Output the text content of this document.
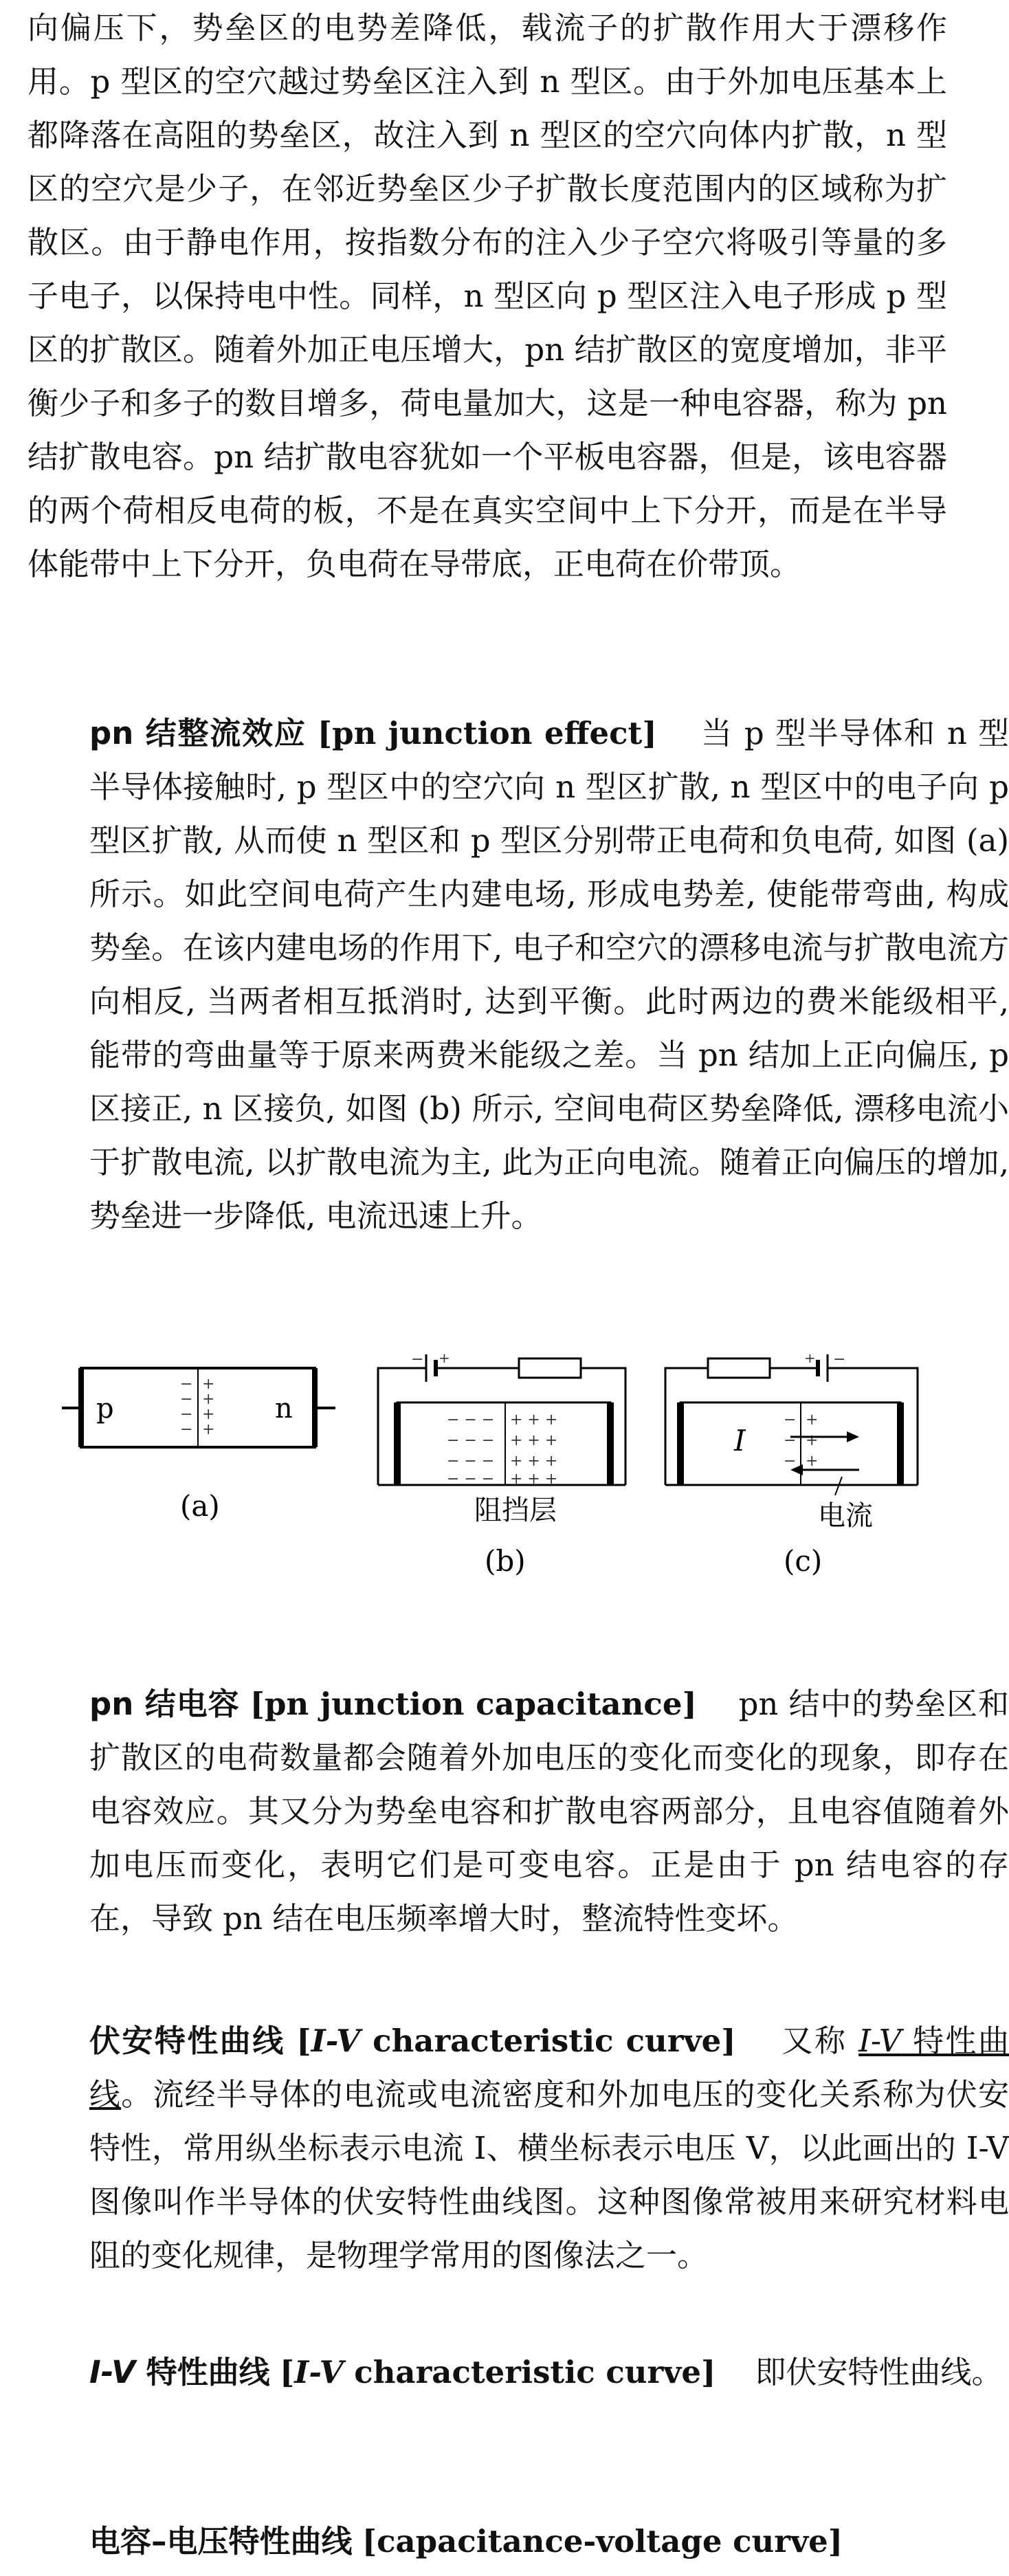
向偏压下，势垒区的电势差降低，载流子的扩散作用大于漂移作用。p 型区的空穴越过势垒区注入到 n 型区。由于外加电压基本上都降落在高阻的势垒区，故注入到 n 型区的空穴向体内扩散，n 型区的空穴是少子，在邻近势垒区少子扩散长度范围内的区域称为扩散区。由于静电作用，按指数分布的注入少子空穴将吸引等量的多子电子，以保持电中性。同样，n 型区向 p 型区注入电子形成 p 型区的扩散区。随着外加正电压增大，pn 结扩散区的宽度增加，非平衡少子和多子的数目增多，荷电量加大，这是一种电容器，称为 pn 结扩散电容。pn 结扩散电容犹如一个平板电容器，但是，该电容器的两个荷相反电荷的板，不是在真实空间中上下分开，而是在半导体能带中上下分开，负电荷在导带底，正电荷在价带顶。

pn 结整流效应 [pn junction effect] 当 p 型半导体和 n 型半导体接触时, p 型区中的空穴向 n 型区扩散, n 型区中的电子向 p 型区扩散, 从而使 n 型区和 p 型区分别带正电荷和负电荷, 如图 (a) 所示。如此空间电荷产生内建电场, 形成电势差, 使能带弯曲, 构成势垒。在该内建电场的作用下, 电子和空穴的漂移电流与扩散电流方向相反, 当两者相互抵消时, 达到平衡。此时两边的费米能级相平, 能带的弯曲量等于原来两费米能级之差。当 pn 结加上正向偏压, p 区接正, n 区接负, 如图 (b) 所示, 空间电荷区势垒降低, 漂移电流小于扩散电流, 以扩散电流为主, 此为正向电流。随着正向偏压的增加, 势垒进一步降低, 电流迅速上升。

p	n
−
−
−
−
+
+
+
+
(a)
− +
− − −
− − −
− − −
− − −
+ + +
+ + +
+ + +
+ + +
阻挡层
(b)
+ −
−
−
−
+
+
+
I
电流
(c)

pn 结电容 [pn junction capacitance] pn 结中的势垒区和扩散区的电荷数量都会随着外加电压的变化而变化的现象，即存在电容效应。其又分为势垒电容和扩散电容两部分，且电容值随着外加电压而变化，表明它们是可变电容。正是由于 pn 结电容的存在，导致 pn 结在电压频率增大时，整流特性变坏。

伏安特性曲线 [I-V characteristic curve] 又称 I-V 特性曲线。流经半导体的电流或电流密度和外加电压的变化关系称为伏安特性，常用纵坐标表示电流 I、横坐标表示电压 V，以此画出的 I-V 图像叫作半导体的伏安特性曲线图。这种图像常被用来研究材料电阻的变化规律，是物理学常用的图像法之一。

I-V 特性曲线 [I-V characteristic curve] 即伏安特性曲线。

电容–电压特性曲线 [capacitance-voltage curve]
